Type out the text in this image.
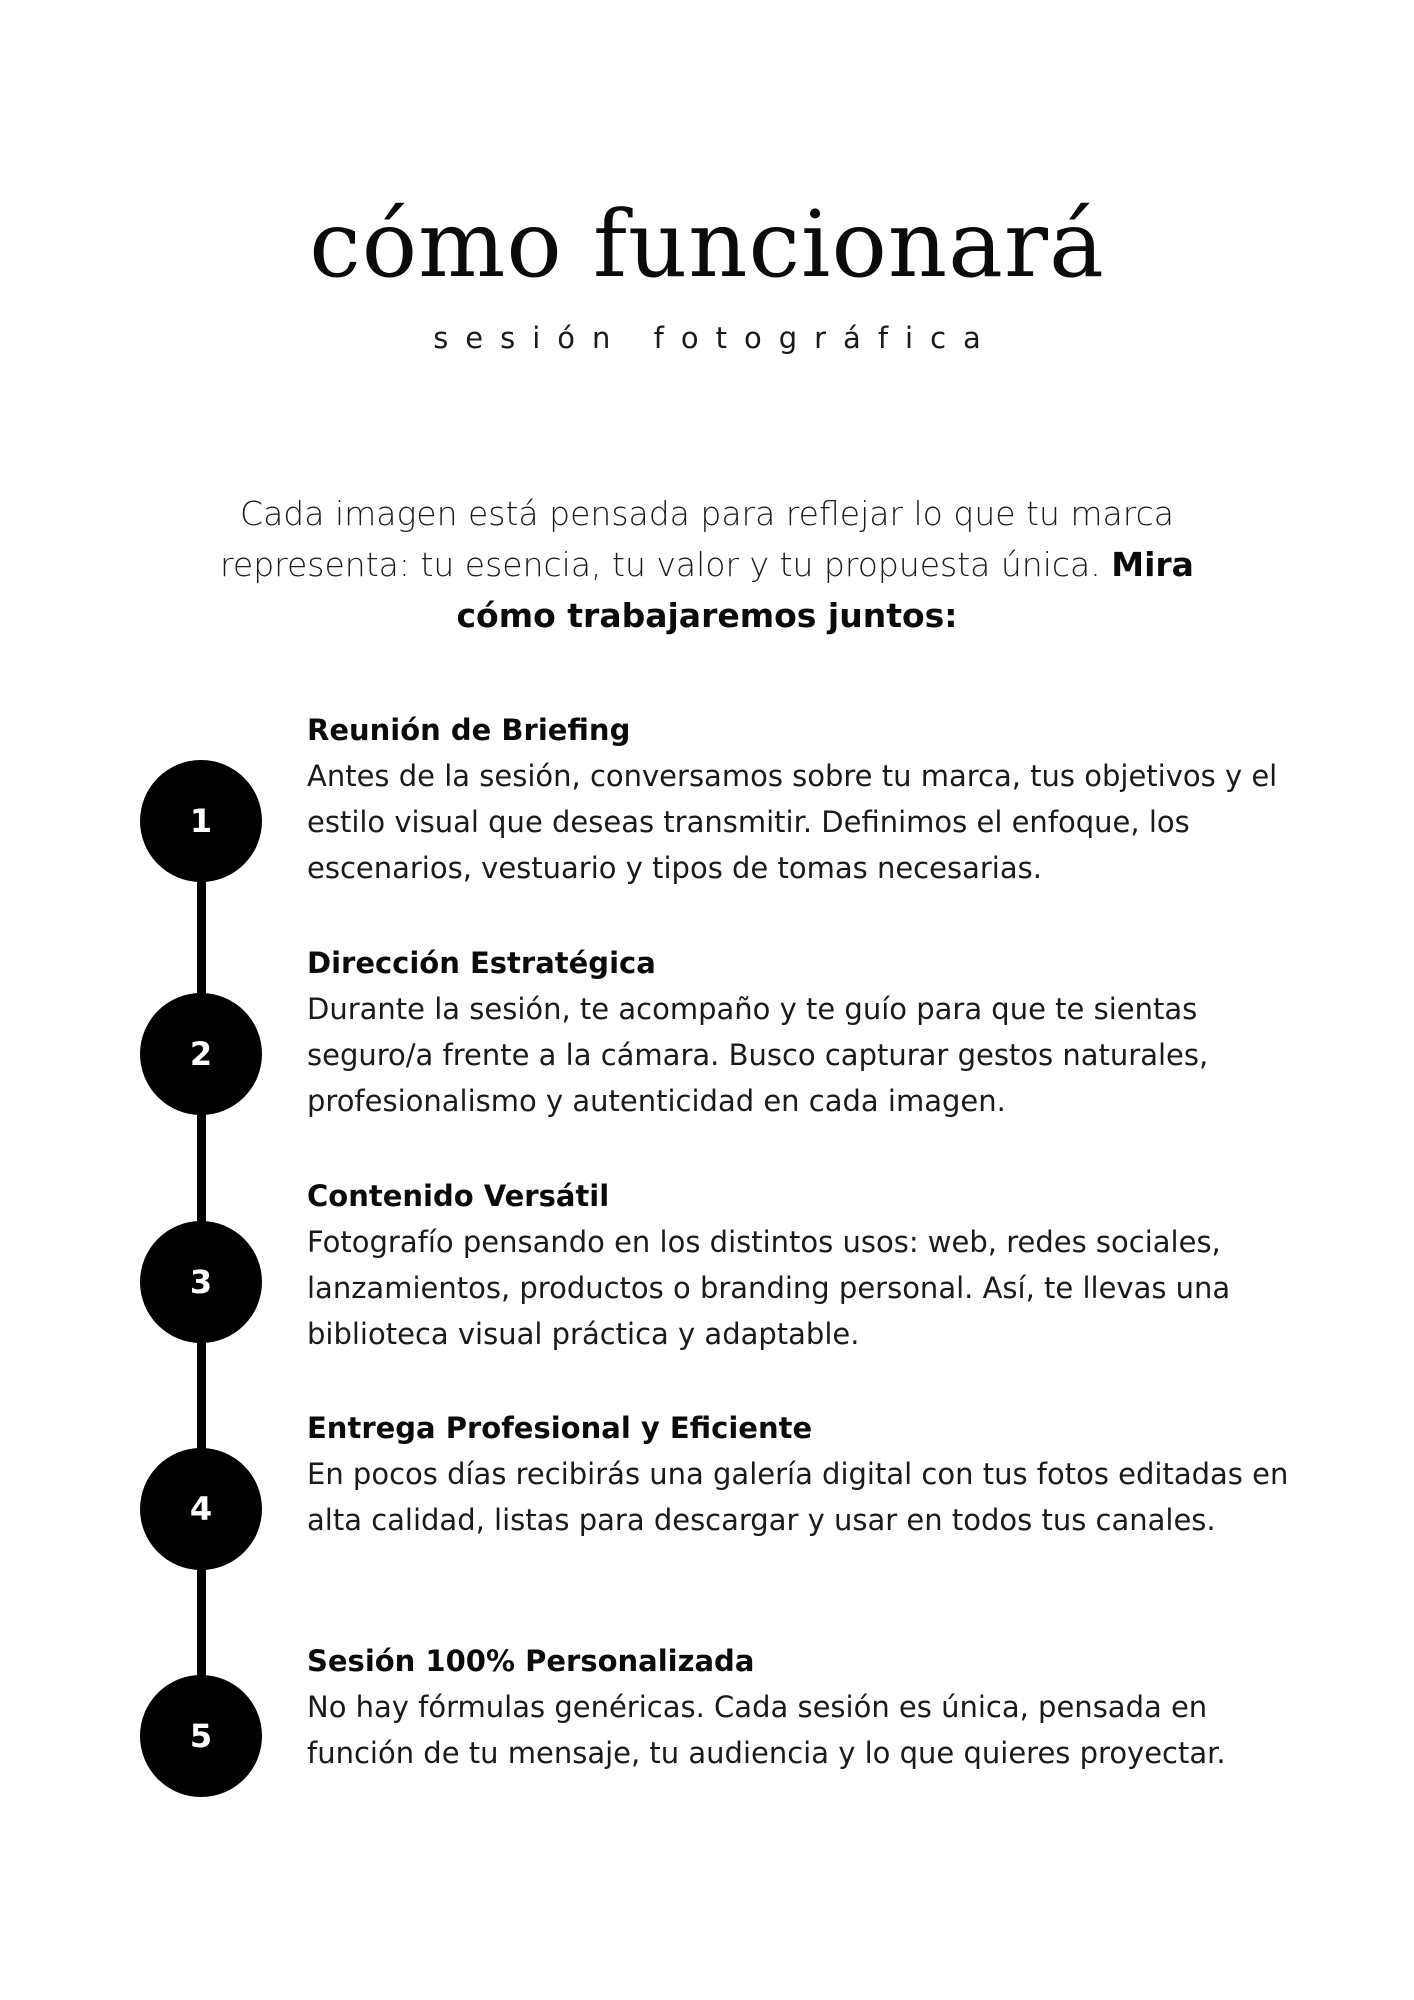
cómo funcionará
sesión fotográfica

Cada imagen está pensada para reflejar lo que tu marca representa: tu esencia, tu valor y tu propuesta única. Mira cómo trabajaremos juntos:

1
Reunión de Briefing
Antes de la sesión, conversamos sobre tu marca, tus objetivos y el estilo visual que deseas transmitir. Definimos el enfoque, los escenarios, vestuario y tipos de tomas necesarias.
2
Dirección Estratégica
Durante la sesión, te acompaño y te guío para que te sientas seguro/a frente a la cámara. Busco capturar gestos naturales, profesionalismo y autenticidad en cada imagen.
3
Contenido Versátil
Fotografío pensando en los distintos usos: web, redes sociales, lanzamientos, productos o branding personal. Así, te llevas una biblioteca visual práctica y adaptable.
4
Entrega Profesional y Eficiente
En pocos días recibirás una galería digital con tus fotos editadas en alta calidad, listas para descargar y usar en todos tus canales.
5
Sesión 100% Personalizada
No hay fórmulas genéricas. Cada sesión es única, pensada en función de tu mensaje, tu audiencia y lo que quieres proyectar.
